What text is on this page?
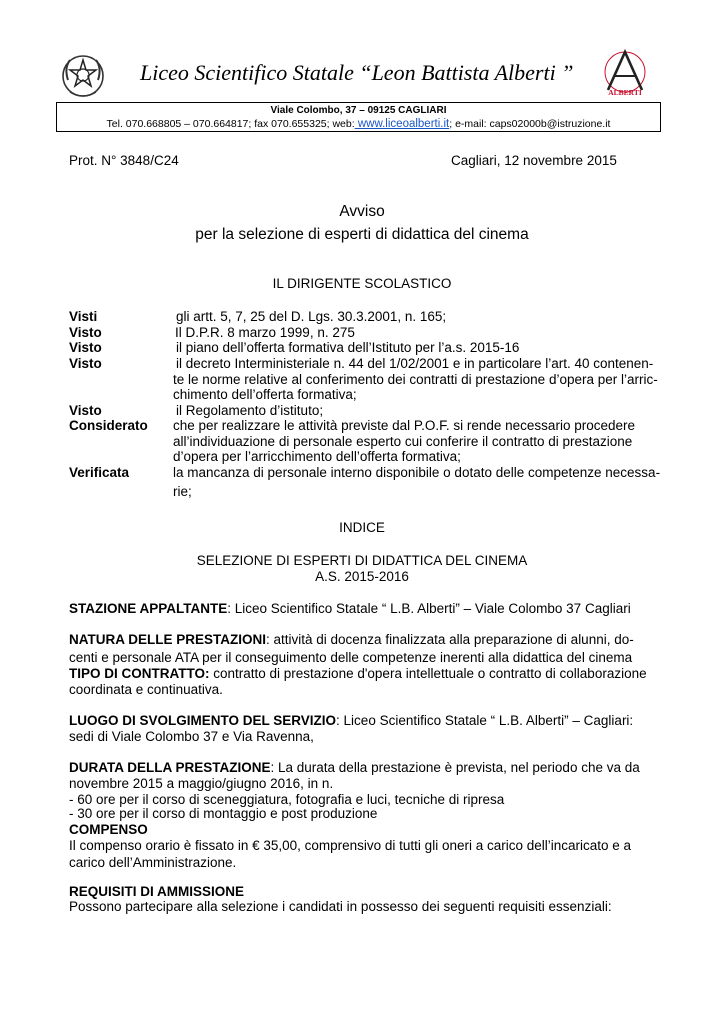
Liceo Scientifico Statale “Leon Battista Alberti ”
ALBERTI
Viale Colombo, 37 – 09125 CAGLIARI
Tel. 070.668805 – 070.664817; fax 070.655325; web: www.liceoalberti.it; e-mail: caps02000b@istruzione.it
Prot. N° 3848/C24	Cagliari, 12 novembre 2015
Avviso
per la selezione di esperti di didattica del cinema
IL DIRIGENTE SCOLASTICO
Visti	gli artt. 5, 7, 25 del D. Lgs. 30.3.2001, n. 165;
Visto	Il D.P.R. 8 marzo 1999, n. 275
Visto	il piano dell’offerta formativa dell’Istituto per l’a.s. 2015-16
Visto	il decreto Interministeriale n. 44 del 1/02/2001 e in particolare l’art. 40 contenen-
te le norme relative al conferimento dei contratti di prestazione d’opera per l’arric-
chimento dell’offerta formativa;
Visto	il Regolamento d’istituto;
Considerato che per realizzare le attività previste dal P.O.F. si rende necessario procedere
all’individuazione di personale esperto cui conferire il contratto di prestazione
d’opera per l’arricchimento dell’offerta formativa;
Verificata	la mancanza di personale interno disponibile o dotato delle competenze necessa-
rie;
INDICE
SELEZIONE DI ESPERTI DI DIDATTICA DEL CINEMA
A.S. 2015-2016
STAZIONE APPALTANTE: Liceo Scientifico Statale “ L.B. Alberti” – Viale Colombo 37 Cagliari
NATURA DELLE PRESTAZIONI: attività di docenza finalizzata alla preparazione di alunni, do-
centi e personale ATA per il conseguimento delle competenze inerenti alla didattica del cinema
TIPO DI CONTRATTO: contratto di prestazione d'opera intellettuale o contratto di collaborazione
coordinata e continuativa.
LUOGO DI SVOLGIMENTO DEL SERVIZIO: Liceo Scientifico Statale “ L.B. Alberti” – Cagliari:
sedi di Viale Colombo 37 e Via Ravenna,
DURATA DELLA PRESTAZIONE: La durata della prestazione è prevista, nel periodo che va da
novembre 2015 a maggio/giugno 2016, in n.
- 60 ore per il corso di sceneggiatura, fotografia e luci, tecniche di ripresa
- 30 ore per il corso di montaggio e post produzione
COMPENSO
Il compenso orario è fissato in € 35,00, comprensivo di tutti gli oneri a carico dell’incaricato e a
carico dell’Amministrazione.
REQUISITI DI AMMISSIONE
Possono partecipare alla selezione i candidati in possesso dei seguenti requisiti essenziali:
